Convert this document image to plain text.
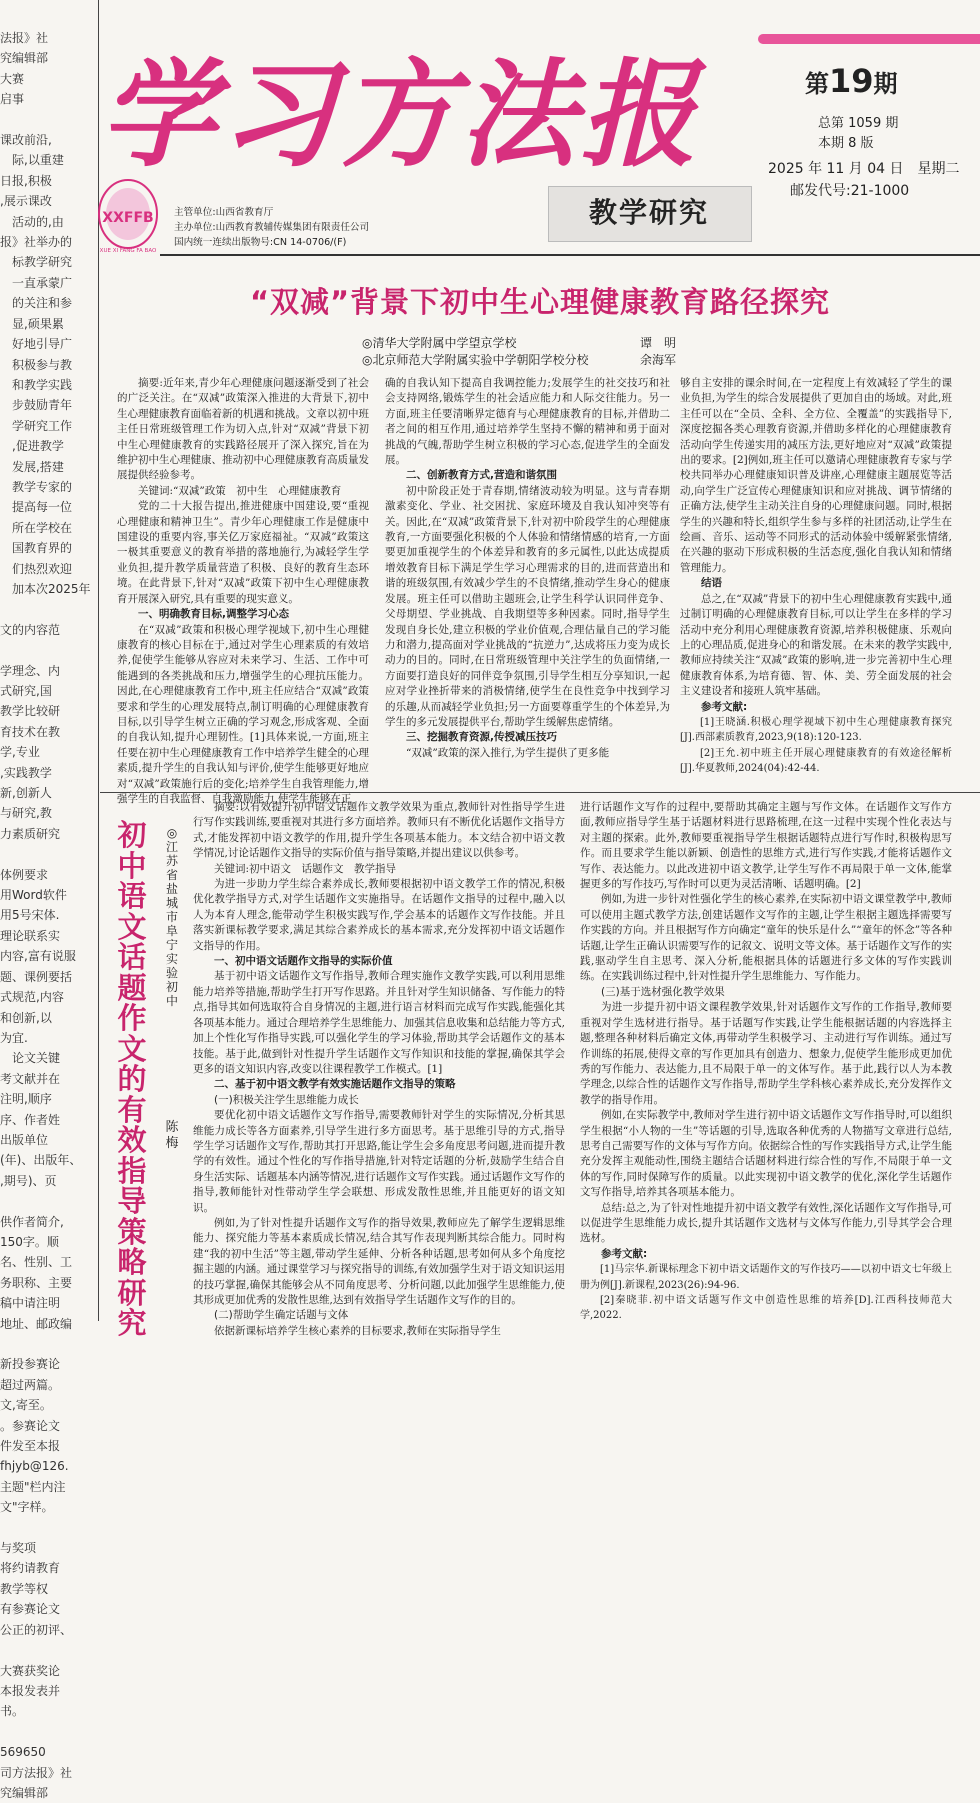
法报》社
究编辑部
大赛
启事

课改前沿,
　际,以重建
日报,积极
,展示课改
　活动的,由
报》社举办的
　标教学研究
　一直承蒙广
　的关注和参
　显,硕果累
　好地引导广
　积极参与教
　和教学实践
　步鼓励青年
　学研究工作
　,促进教学
　发展,搭建
　教学专家的
　提高每一位
　所在学校在
　国教育界的
　们热烈欢迎
　加本次2025年

文的内容范

学理念、内
式研究,国
教学比较研
育技术在教
学,专业
,实践教学
新,创新人
与研究,教
力素质研究

体例要求
用Word软件
用5号宋体.
理论联系实
内容,富有说服
题、课例要括
式规范,内容
和创新,以
为宜.
　论文关键
考文献并在
注明,顺序
序、作者姓
出版单位
(年)、出版年、
,期号)、页

供作者简介,
150字。顺
名、性别、工
务职称、主要
稿中请注明
地址、邮政编

新投参赛论
超过两篇。
文,寄至。
。参赛论文
件发至本报
fhjyb@126.
主题"栏内注
文"字样。

与奖项
将约请教育
教学等权
有参赛论文
公正的初评、

大赛获奖论
本报发表并
书。

569650
司方法报》社
究编辑部
学习方法报	第19期
总第 1059 期
本期 8 版
2025 年 11 月 04 日　星期二
邮发代号:21-1000
XXFFB
XUE XI FANG FA BAO
主管单位:山西省教育厅
主办单位:山西教育教辅传媒集团有限责任公司
国内统一连续出版物号:CN 14-0706/(F)
教学研究
“双减”背景下初中生心理健康教育路径探究
◎清华大学附属中学望京学校	谭　明
◎北京师范大学附属实验中学朝阳学校分校	余海军

摘要:近年来,青少年心理健康问题逐渐受到了社会的广泛关注。在“双减”政策深入推进的大背景下,初中生心理健康教育面临着新的机遇和挑战。文章以初中班主任日常班级管理工作为切入点,针对“双减”背景下初中生心理健康教育的实践路径展开了深入探究,旨在为维护初中生心理健康、推动初中心理健康教育高质量发展提供经验参考。

关键词:“双减”政策　初中生　心理健康教育

党的二十大报告提出,推进健康中国建设,要“重视心理健康和精神卫生”。青少年心理健康工作是健康中国建设的重要内容,事关亿万家庭福祉。“双减”政策这一极其重要意义的教育举措的落地施行,为减轻学生学业负担,提升教学质量营造了积极、良好的教育生态环境。在此背景下,针对“双减”政策下初中生心理健康教育开展深入研究,具有重要的现实意义。

一、明确教育目标,调整学习心态

在“双减”政策和积极心理学视域下,初中生心理健康教育的核心目标在于,通过对学生心理素质的有效培养,促使学生能够从容应对未来学习、生活、工作中可能遇到的各类挑战和压力,增强学生的心理抗压能力。因此,在心理健康教育工作中,班主任应结合“双减”政策要求和学生的心理发展特点,制订明确的心理健康教育目标,以引导学生树立正确的学习观念,形成客观、全面的自我认知,提升心理韧性。[1]具体来说,一方面,班主任要在初中生心理健康教育工作中培养学生健全的心理素质,提升学生的自我认知与评价,使学生能够更好地应对“双减”政策施行后的变化;培养学生自我管理能力,增强学生的自我监督、自我激励能力,使学生能够在正

确的自我认知下提高自我调控能力;发展学生的社交技巧和社会支持网络,锻炼学生的社会适应能力和人际交往能力。另一方面,班主任要清晰界定德育与心理健康教育的目标,并借助二者之间的相互作用,通过培养学生坚持不懈的精神和勇于面对挑战的气魄,帮助学生树立积极的学习心态,促进学生的全面发展。

二、创新教育方式,营造和谐氛围

初中阶段正处于青春期,情绪波动较为明显。这与青春期激素变化、学业、社交困扰、家庭环境及自我认知冲突等有关。因此,在“双减”政策背景下,针对初中阶段学生的心理健康教育,一方面要强化积极的个人体验和情绪情感的培育,一方面要更加重视学生的个体差异和教育的多元属性,以此达成提质增效教育目标下满足学生学习心理需求的目的,进而营造出和谐的班级氛围,有效减少学生的不良情绪,推动学生身心的健康发展。班主任可以借助主题班会,让学生科学认识同伴竞争、父母期望、学业挑战、自我期望等多种因素。同时,指导学生发现自身长处,建立积极的学业价值观,合理估量自己的学习能力和潜力,提高面对学业挑战的“抗逆力”,达成将压力变为成长动力的目的。同时,在日常班级管理中关注学生的负面情绪,一方面要打造良好的同伴竞争氛围,引导学生相互分享知识,一起应对学业挫折带来的消极情绪,使学生在良性竞争中找到学习的乐趣,从而减轻学业负担;另一方面要尊重学生的个体差异,为学生的多元发展提供平台,帮助学生缓解焦虑情绪。

三、挖掘教育资源,传授减压技巧

“双减”政策的深入推行,为学生提供了更多能

够自主安排的课余时间,在一定程度上有效减轻了学生的课业负担,为学生的综合发展提供了更加自由的场域。对此,班主任可以在“全员、全科、全方位、全覆盖”的实践指导下,深度挖掘各类心理教育资源,并借助多样化的心理健康教育活动向学生传递实用的减压方法,更好地应对“双减”政策提出的要求。[2]例如,班主任可以邀请心理健康教育专家与学校共同举办心理健康知识普及讲座,心理健康主题展览等活动,向学生广泛宣传心理健康知识和应对挑战、调节情绪的正确方法,使学生主动关注自身的心理健康问题。同时,根据学生的兴趣和特长,组织学生参与多样的社团活动,让学生在绘画、音乐、运动等不同形式的活动体验中缓解紧张情绪,在兴趣的驱动下形成积极的生活态度,强化自我认知和情绪管理能力。

结语

总之,在“双减”背景下的初中生心理健康教育实践中,通过制订明确的心理健康教育目标,可以让学生在多样的学习活动中充分利用心理健康教育资源,培养积极健康、乐观向上的心理品质,促进身心的和谐发展。在未来的教学实践中,教师应持续关注“双减”政策的影响,进一步完善初中生心理健康教育体系,为培育德、智、体、美、劳全面发展的社会主义建设者和接班人筑牢基础。

参考文献:

[1]王晓涵.积极心理学视域下初中生心理健康教育探究[J].西部素质教育,2023,9(18):120-123.

[2]王允.初中班主任开展心理健康教育的有效途径解析[J].华夏教师,2024(04):42-44.

初中语文话题作文的有效指导策略研究
◎江苏省盐城市阜宁实验初中
陈　梅

摘要:以有效提升初中语文话题作文教学效果为重点,教师针对性指导学生进行写作实践训练,要重视对其进行多方面培养。教师只有不断优化话题作文指导方式,才能发挥初中语文教学的作用,提升学生各项基本能力。本文结合初中语文教学情况,讨论话题作文指导的实际价值与指导策略,并提出建议以供参考。

关键词:初中语文　话题作文　教学指导

为进一步助力学生综合素养成长,教师要根据初中语文教学工作的情况,积极优化教学指导方式,对学生话题作文实施指导。在话题作文指导的过程中,融入以人为本育人理念,能带动学生积极实践写作,学会基本的话题作文写作技能。并且落实新课标教学要求,满足其综合素养成长的基本需求,充分发挥初中语文话题作文指导的作用。

一、初中语文话题作文指导的实际价值

基于初中语文话题作文写作指导,教师合理实施作文教学实践,可以利用思维能力培养等措施,帮助学生打开写作思路。并且针对学生知识储备、写作能力的特点,指导其如何选取符合自身情况的主题,进行语言材料而完成写作实践,能强化其各项基本能力。通过合理培养学生思维能力、加强其信息收集和总结能力等方式,加上个性化写作指导实践,可以强化学生的学习体验,帮助其学会话题作文的基本技能。基于此,做到针对性提升学生话题作文写作知识和技能的掌握,确保其学会更多的语文知识内容,改变以往课程教学工作模式。[1]

二、基于初中语文教学有效实施话题作文指导的策略

(一)积极关注学生思维能力成长

要优化初中语文话题作文写作指导,需要教师针对学生的实际情况,分析其思维能力成长等各方面素养,引导学生进行多方面思考。基于思维引导的方式,指导学生学习话题作文写作,帮助其打开思路,能让学生会多角度思考问题,进而提升教学的有效性。通过个性化的写作指导措施,针对特定话题的分析,鼓励学生结合自身生活实际、话题基本内涵等情况,进行话题作文写作实践。通过话题作文写作的指导,教师能针对性带动学生学会联想、形成发散性思维,并且能更好的语文知识。

例如,为了针对性提升话题作文写作的指导效果,教师应先了解学生逻辑思维能力、探究能力等基本素质成长情况,结合其写作表现判断其综合能力。同时构建“我的初中生活”等主题,带动学生延伸、分析各种话题,思考如何从多个角度挖掘主题的内涵。通过课堂学习与探究指导的训练,有效加强学生对于语文知识运用的技巧掌握,确保其能够会从不同角度思考、分析问题,以此加强学生思维能力,使其形成更加优秀的发散性思维,达到有效指导学生话题作文写作的目的。

(二)帮助学生确定话题与文体

依据新课标培养学生核心素养的目标要求,教师在实际指导学生

进行话题作文写作的过程中,要帮助其确定主题与写作文体。在话题作文写作方面,教师应指导学生基于话题材料进行思路梳理,在这一过程中实现个性化表达与对主题的探索。此外,教师要重视指导学生根据话题特点进行写作时,积极构思写作。而且要求学生能以新颖、创造性的思维方式,进行写作实践,才能将话题作文写作、表达能力。以此改进初中语文教学,让学生写作不再局限于单一文体,能掌握更多的写作技巧,写作时可以更为灵活清晰、话题明确。[2]

例如,为进一步针对性强化学生的核心素养,在实际初中语文课堂教学中,教师可以使用主题式教学方法,创建话题作文写作的主题,让学生根据主题选择需要写作实践的方向。并且根据写作方向确定“童年的快乐是什么”“童年的怀念”等各种话题,让学生正确认识需要写作的记叙文、说明文等文体。基于话题作文写作的实践,驱动学生自主思考、深入分析,能根据具体的话题进行多文体的写作实践训练。在实践训练过程中,针对性提升学生思维能力、写作能力。

(三)基于选材强化教学效果

为进一步提升初中语文课程教学效果,针对话题作文写作的工作指导,教师要重视对学生选材进行指导。基于话题写作实践,让学生能根据话题的内容选择主题,整理各种材料后确定文体,再带动学生积极学习、主动进行写作训练。通过写作训练的拓展,使得文章的写作更加具有创造力、想象力,促使学生能形成更加优秀的写作能力、表达能力,且不局限于单一的文体写作。基于此,践行以人为本教学理念,以综合性的话题作文写作指导,帮助学生学科核心素养成长,充分发挥作文教学的指导作用。

例如,在实际教学中,教师对学生进行初中语文话题作文写作指导时,可以组织学生根据“小人物的一生”等话题的引导,选取各种优秀的人物描写文章进行总结,思考自己需要写作的文体与写作方向。依据综合性的写作实践指导方式,让学生能充分发挥主观能动性,围绕主题结合话题材料进行综合性的写作,不局限于单一文体的写作,同时保障写作的质量。以此实现初中语文教学的优化,深化学生话题作文写作指导,培养其各项基本能力。

总结:总之,为了针对性地提升初中语文教学有效性,深化话题作文写作指导,可以促进学生思维能力成长,提升其话题作文选材与文体写作能力,引导其学会合理选材。

参考文献:

[1]马宗华.新课标理念下初中语文话题作文的写作技巧——以初中语文七年级上册为例[J].新课程,2023(26):94-96.

[2]秦晓菲.初中语文话题写作文中创造性思维的培养[D].江西科技师范大学,2022.
